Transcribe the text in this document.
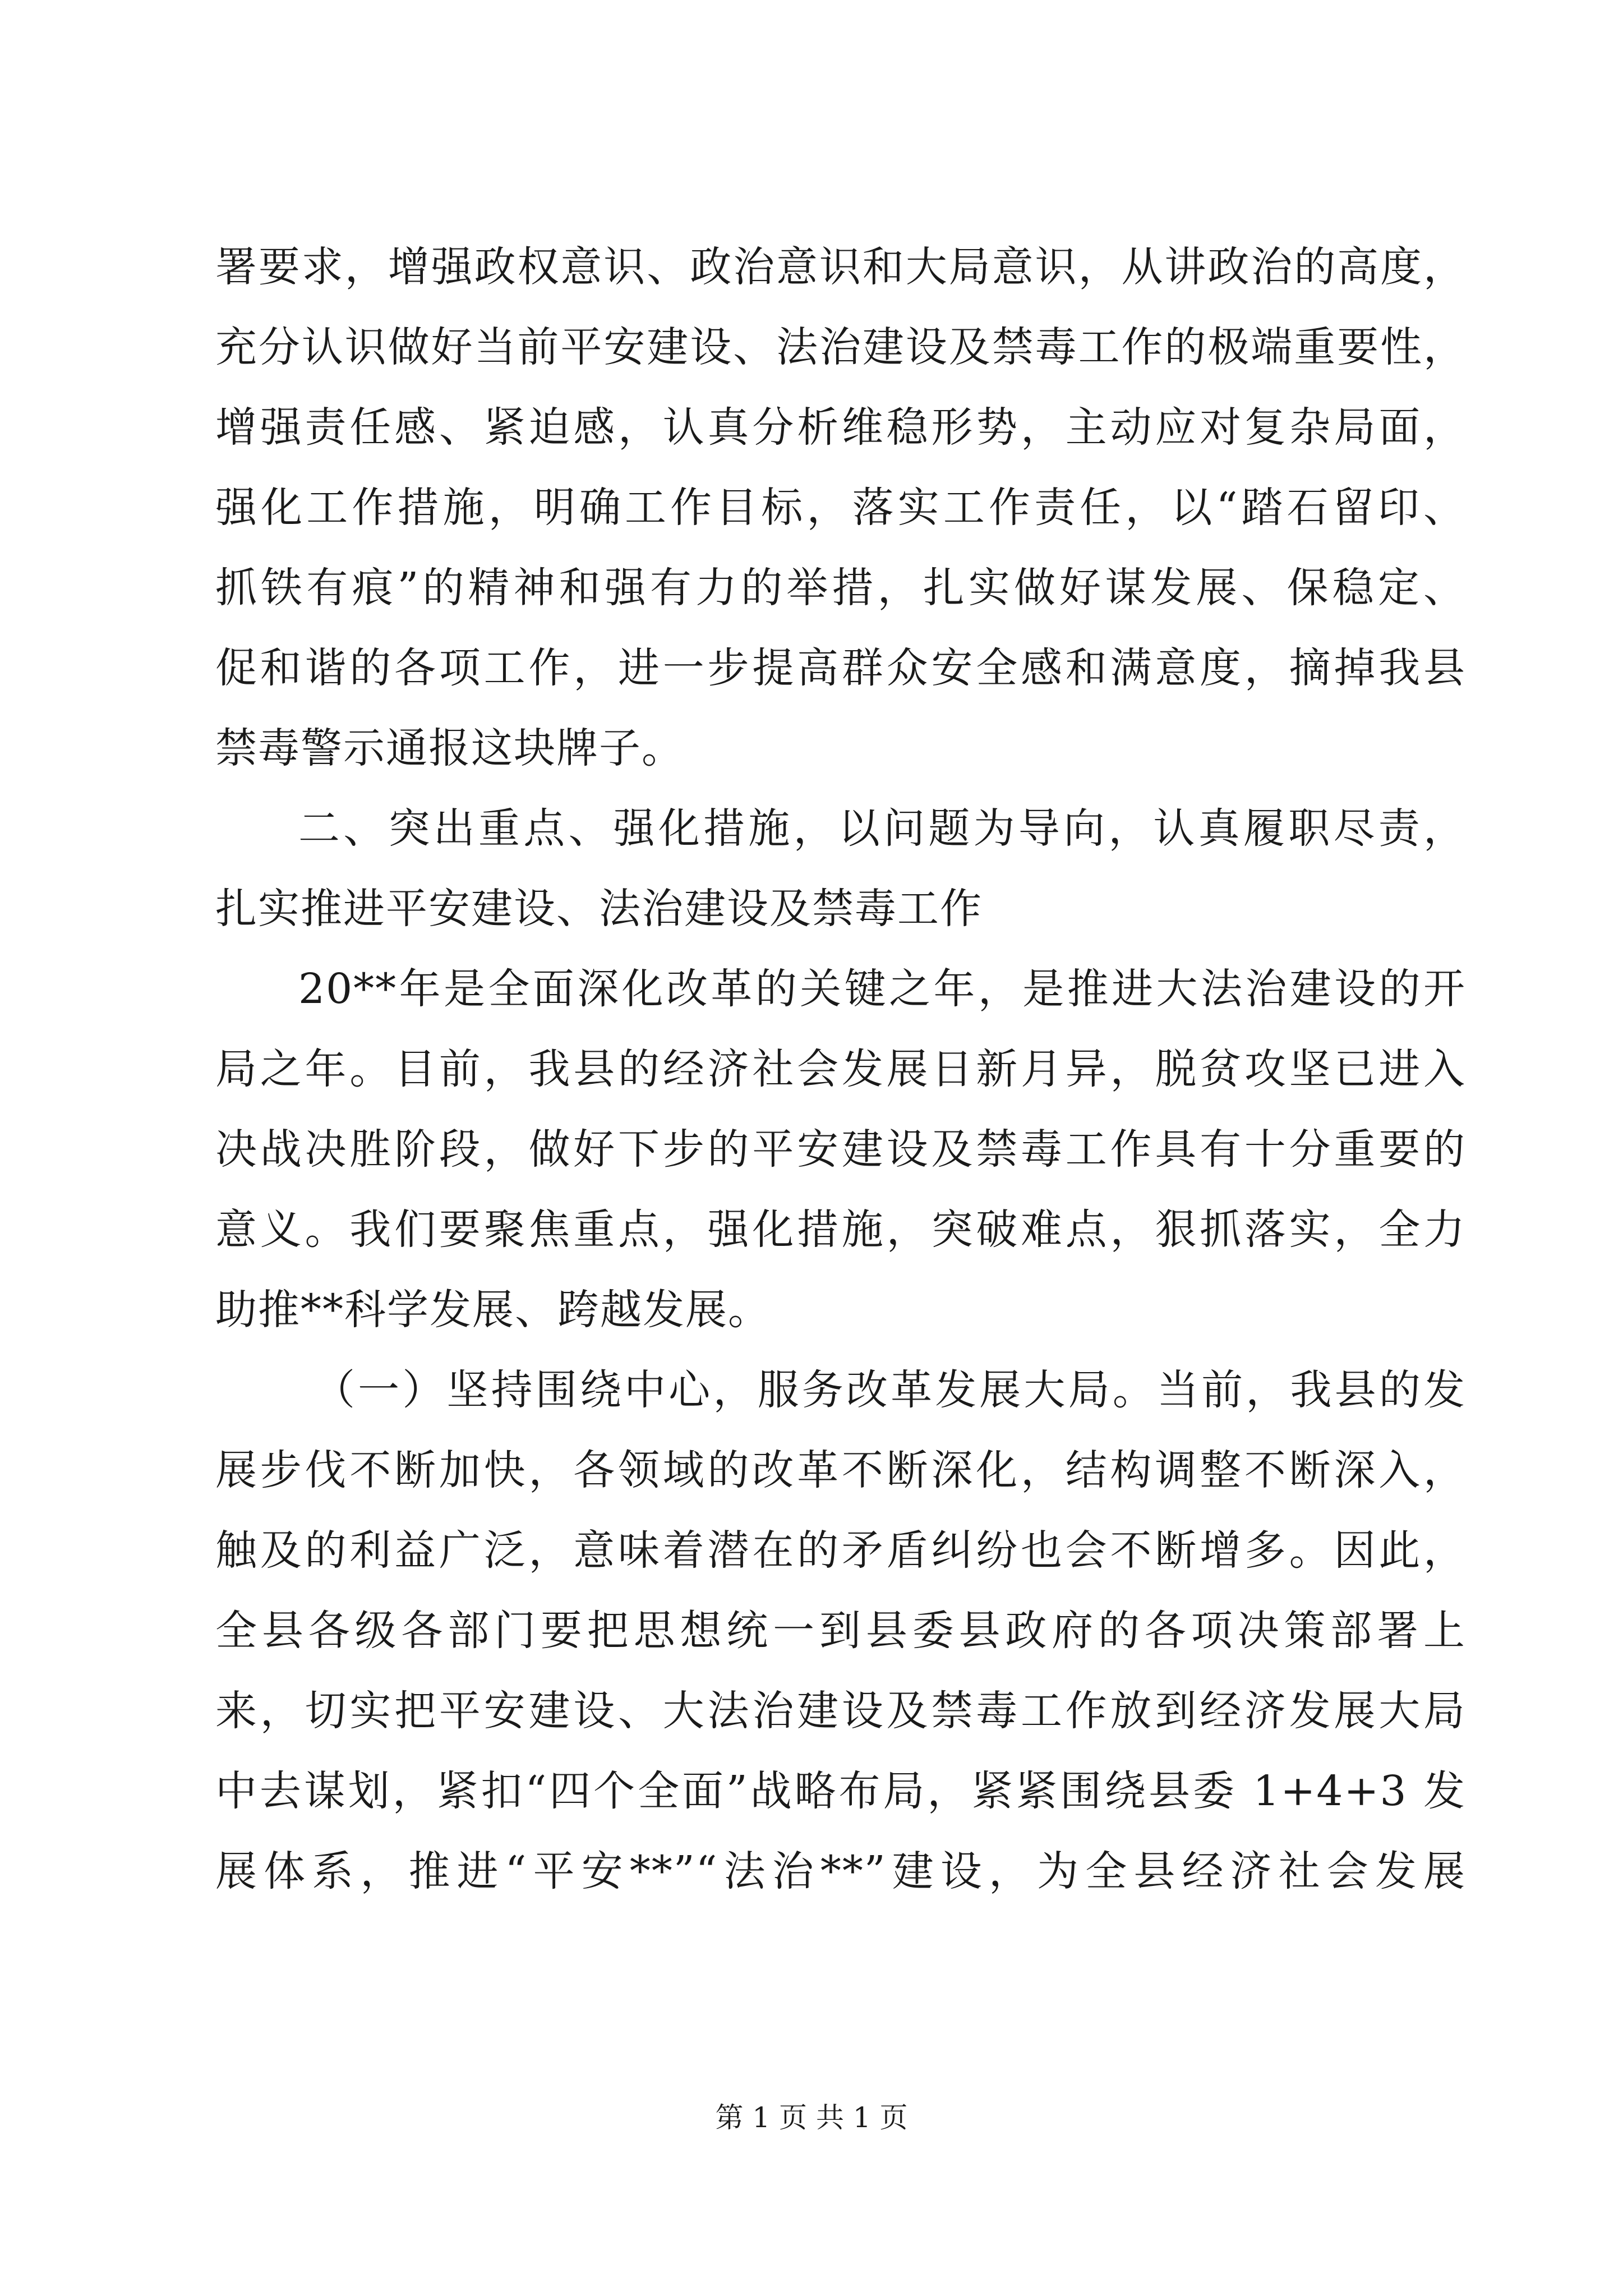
署要求，增强政权意识、政治意识和大局意识，从讲政治的高度，
充分认识做好当前平安建设、法治建设及禁毒工作的极端重要性，
增强责任感、紧迫感，认真分析维稳形势，主动应对复杂局面，
强化工作措施，明确工作目标，落实工作责任，以“踏石留印、
抓铁有痕”的精神和强有力的举措，扎实做好谋发展、保稳定、
促和谐的各项工作，进一步提高群众安全感和满意度，摘掉我县
禁毒警示通报这块牌子。
二、突出重点、强化措施，以问题为导向，认真履职尽责，
扎实推进平安建设、法治建设及禁毒工作
20**年是全面深化改革的关键之年，是推进大法治建设的开
局之年。目前，我县的经济社会发展日新月异，脱贫攻坚已进入
决战决胜阶段，做好下步的平安建设及禁毒工作具有十分重要的
意义。我们要聚焦重点，强化措施，突破难点，狠抓落实，全力
助推**科学发展、跨越发展。
（一）坚持围绕中心，服务改革发展大局。当前，我县的发
展步伐不断加快，各领域的改革不断深化，结构调整不断深入，
触及的利益广泛，意味着潜在的矛盾纠纷也会不断增多。因此，
全县各级各部门要把思想统一到县委县政府的各项决策部署上
来，切实把平安建设、大法治建设及禁毒工作放到经济发展大局
中去谋划，紧扣“四个全面”战略布局，紧紧围绕县委 1+4+3 发
展体系，推进“平安**”“法治**”建设，为全县经济社会发展
第 1 页 共 1 页
